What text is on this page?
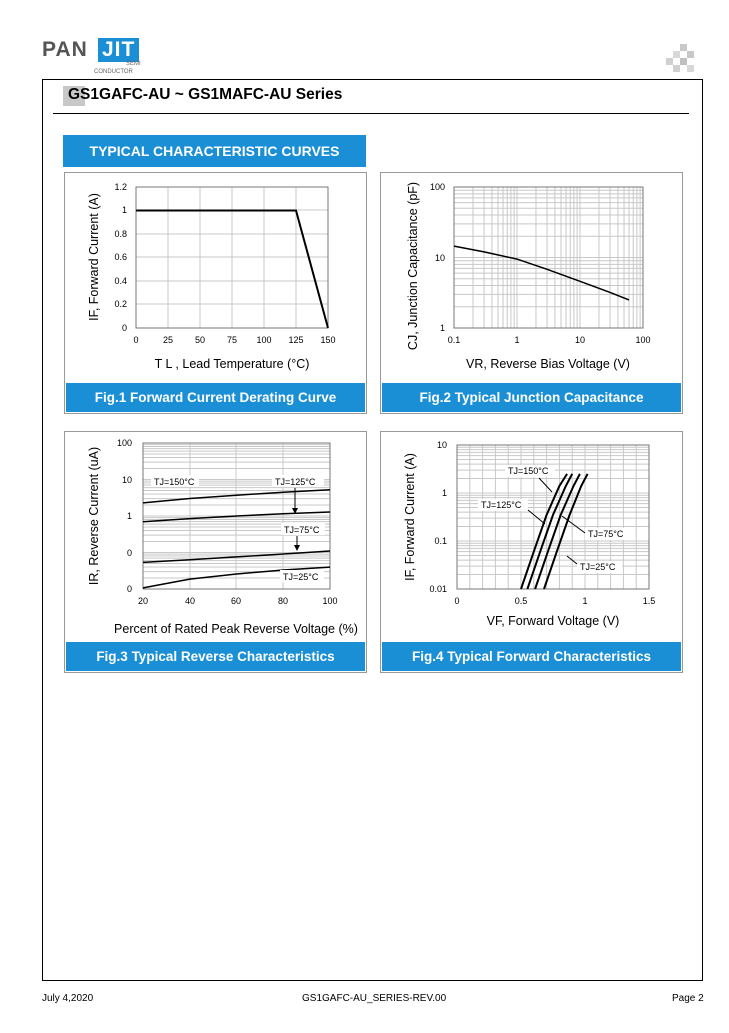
PAN JIT
SEMI
CONDUCTOR
GS1GAFC-AU ~ GS1MAFC-AU Series
TYPICAL CHARACTERISTIC CURVES
0
0.2
0.4
0.6
0.8
1
1.2
0	25 50 75 100 125 150
T L , Lead Temperature (°C)
IF, Forward Current (A)
Fig.1 Forward Current Derating Curve
1
10
100
0.1	1	10	100
VR, Reverse Bias Voltage (V)
CJ, Junction Capacitance (pF)
Fig.2 Typical Junction Capacitance
0
0
1
10
100
20	40	60	80	100
TJ=150°C	TJ=125°C
TJ=75°C
TJ=25°C
Percent of Rated Peak Reverse Voltage (%)
IR, Reverse Current (uA)
Fig.3 Typical Reverse Characteristics
0.01
0.1
1
10
0	0.5	1	1.5
TJ=150°C
TJ=125°C
TJ=75°C
TJ=25°C
VF, Forward Voltage (V)
IF, Forward Current (A)
Fig.4 Typical Forward Characteristics
July 4,2020	GS1GAFC-AU_SERIES-REV.00	Page 2
